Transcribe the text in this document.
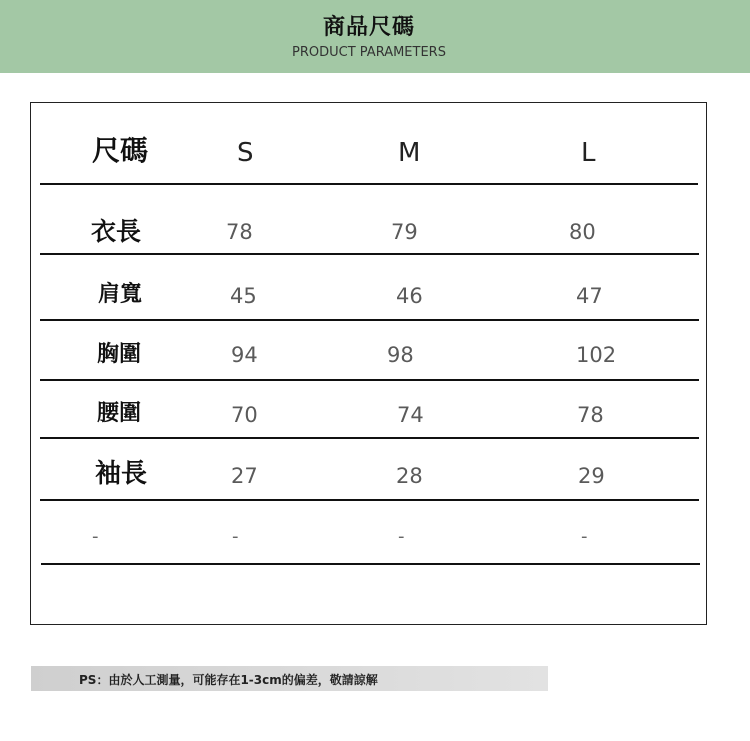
商品尺碼
PRODUCT PARAMETERS
尺碼	S	M	L
衣長	78	79	80
肩寬	45	46	47
胸圍	94	98	102
腰圍	70	74	78
袖長	27	28	29
-	-	-	-
PS：由於人工測量，可能存在1-3cm的偏差，敬請諒解
